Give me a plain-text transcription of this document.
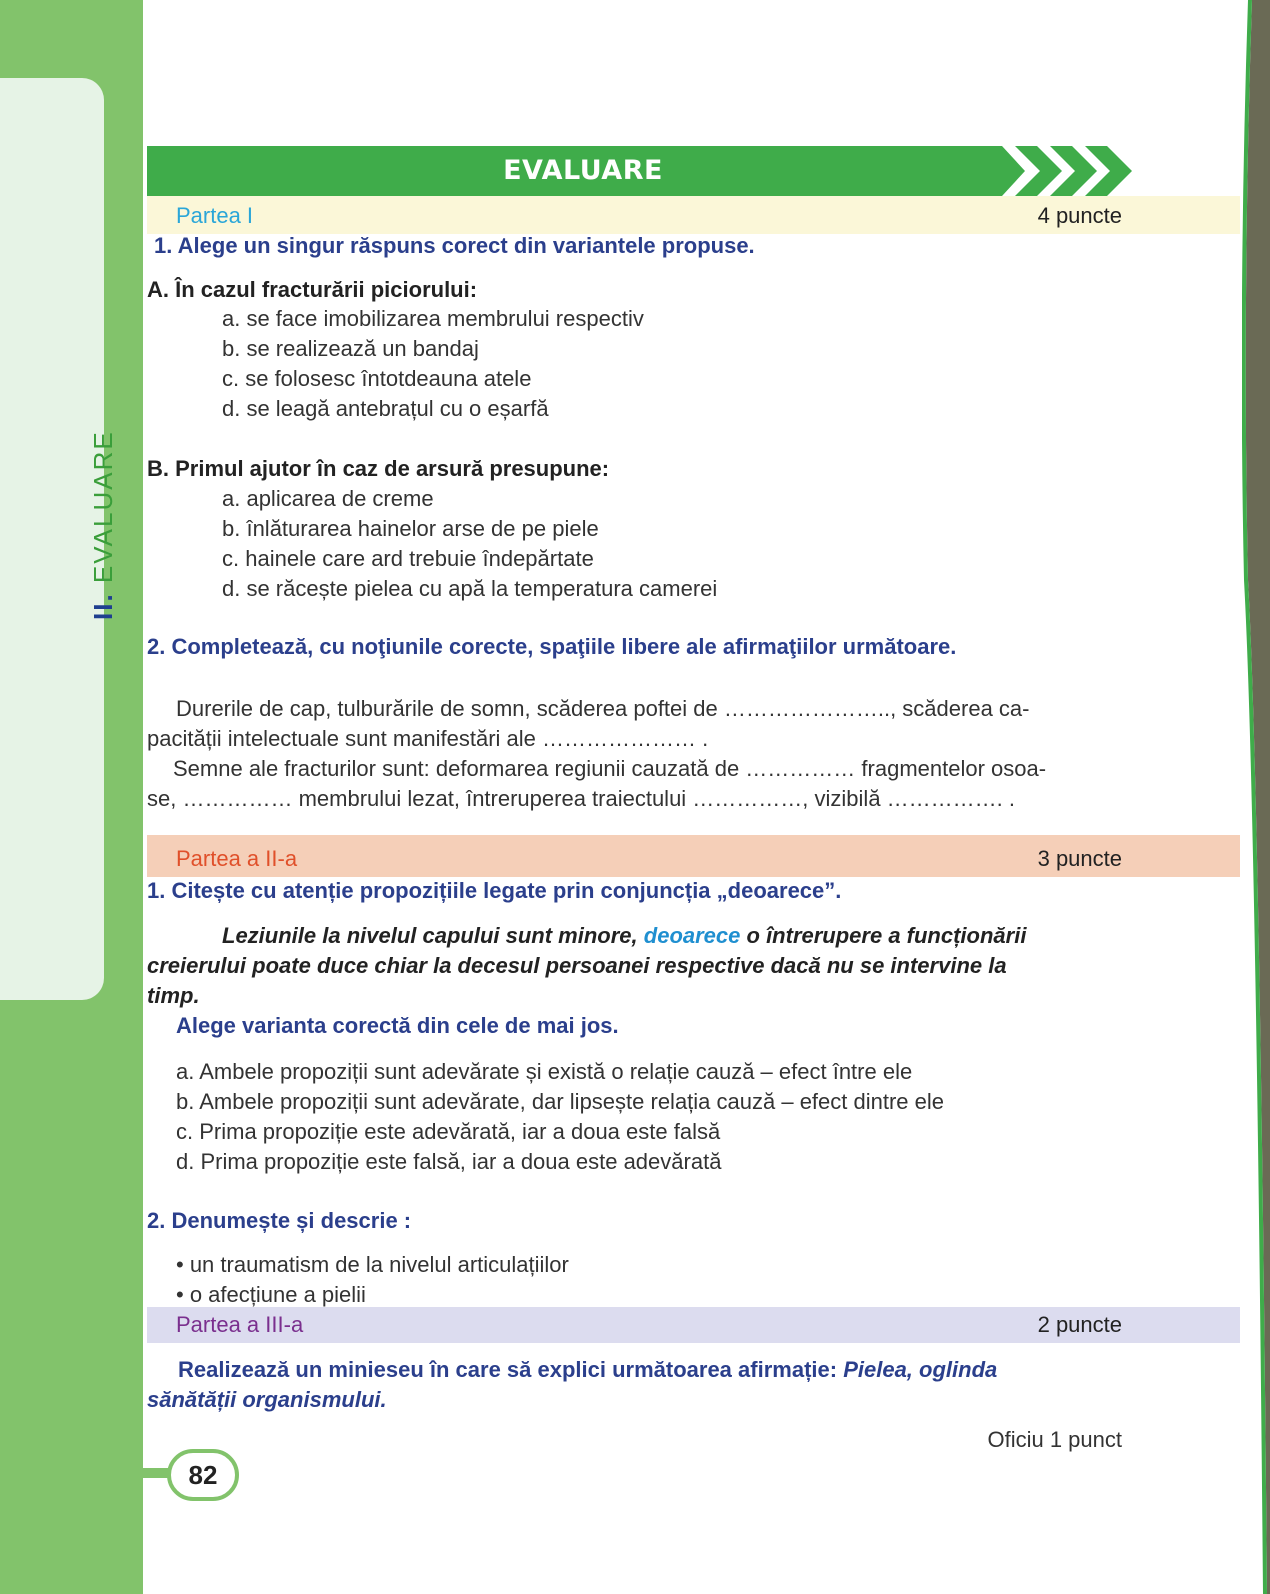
II. EVALUARE
EVALUARE
Partea I	4 puncte
1. Alege un singur răspuns corect din variantele propuse.
A. În cazul fracturării piciorului:
a. se face imobilizarea membrului respectiv
b. se realizează un bandaj
c. se folosesc întotdeauna atele
d. se leagă antebrațul cu o eșarfă
B. Primul ajutor în caz de arsură presupune:
a. aplicarea de creme
b. înlăturarea hainelor arse de pe piele
c. hainele care ard trebuie îndepărtate
d. se răcește pielea cu apă la temperatura camerei
2. Completează, cu noţiunile corecte, spaţiile libere ale afirmaţiilor următoare.
Durerile de cap, tulburările de somn, scăderea poftei de ………………….., scăderea ca-
pacității intelectuale sunt manifestări ale ………………… .
Semne ale fracturilor sunt: deformarea regiunii cauzată de …………… fragmentelor osoa-
se, …………… membrului lezat, întreruperea traiectului ……………, vizibilă ……………. .
Partea a II-a	3 puncte
1. Citește cu atenție propozițiile legate prin conjuncția „deoarece”.
Leziunile la nivelul capului sunt minore, deoarece o întrerupere a funcționării
creierului poate duce chiar la decesul persoanei respective dacă nu se intervine la
timp.
Alege varianta corectă din cele de mai jos.
a. Ambele propoziții sunt adevărate și există o relație cauză – efect între ele
b. Ambele propoziții sunt adevărate, dar lipsește relația cauză – efect dintre ele
c. Prima propoziție este adevărată, iar a doua este falsă
d. Prima propoziție este falsă, iar a doua este adevărată
2. Denumește și descrie :
• un traumatism de la nivelul articulațiilor
• o afecțiune a pielii
Partea a III-a	2 puncte
Realizează un minieseu în care să explici următoarea afirmație: Pielea, oglinda
sănătății organismului.
Oficiu 1 punct
82
